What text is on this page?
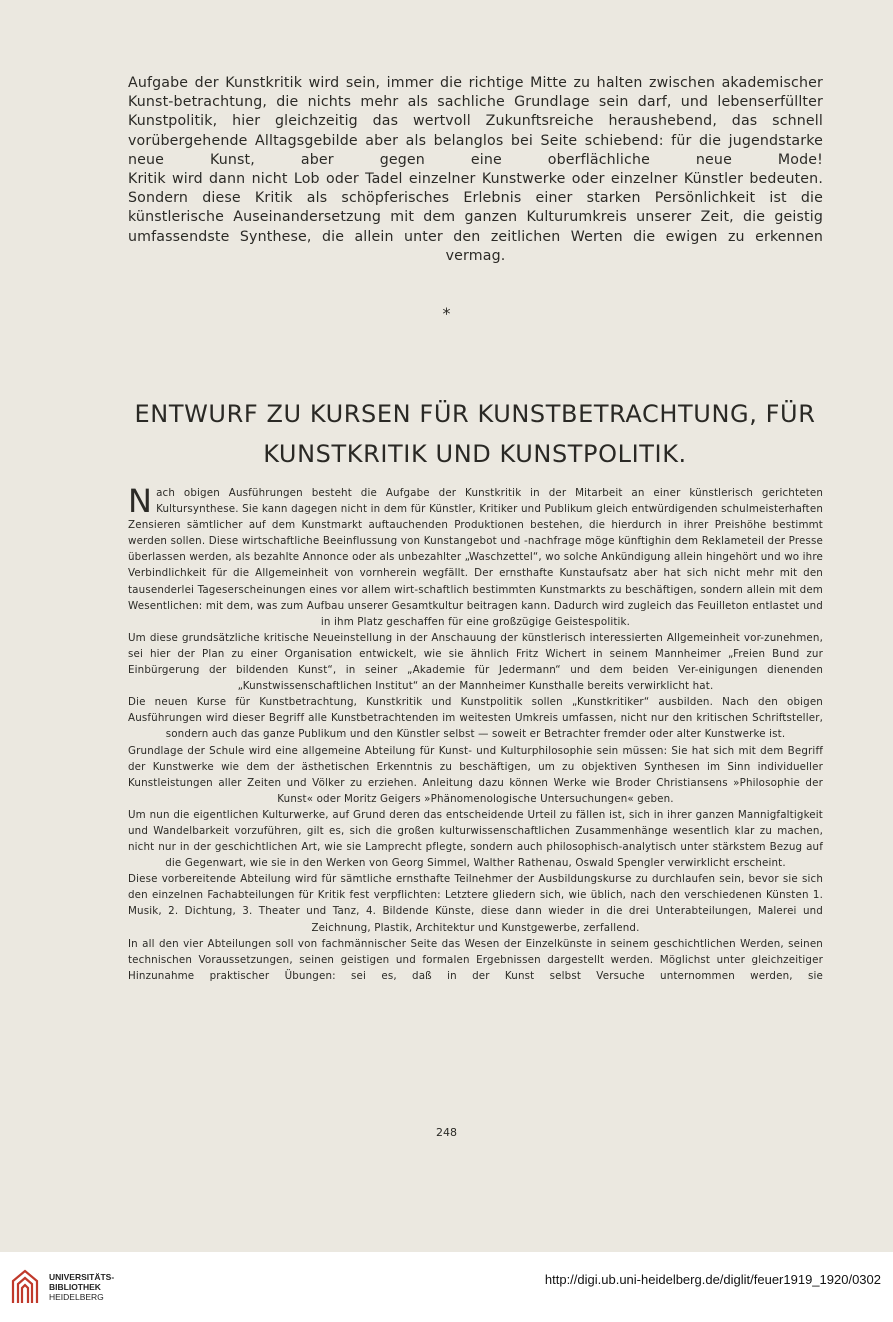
Aufgabe der Kunstkritik wird sein, immer die richtige Mitte zu halten zwischen akademischer Kunst-betrachtung, die nichts mehr als sachliche Grundlage sein darf, und lebenserfüllter Kunstpolitik, hier gleichzeitig das wertvoll Zukunftsreiche heraushebend, das schnell vorübergehende Alltagsgebilde aber als belanglos bei Seite schiebend: für die jugendstarke neue Kunst, aber gegen eine oberflächliche neue Mode!

Kritik wird dann nicht Lob oder Tadel einzelner Kunstwerke oder einzelner Künstler bedeuten. Sondern diese Kritik als schöpferisches Erlebnis einer starken Persönlichkeit ist die künstlerische Auseinandersetzung mit dem ganzen Kulturumkreis unserer Zeit, die geistig umfassendste Synthese, die allein unter den zeitlichen Werten die ewigen zu erkennen vermag.

*
ENTWURF ZU KURSEN FÜR KUNSTBETRACHTUNG, FÜR
KUNSTKRITIK UND KUNSTPOLITIK.

Nach obigen Ausführungen besteht die Aufgabe der Kunstkritik in der Mitarbeit an einer künstlerisch gerichteten Kultursynthese. Sie kann dagegen nicht in dem für Künstler, Kritiker und Publikum gleich entwürdigenden schulmeisterhaften Zensieren sämtlicher auf dem Kunstmarkt auftauchenden Produktionen bestehen, die hierdurch in ihrer Preishöhe bestimmt werden sollen. Diese wirtschaftliche Beeinflussung von Kunstangebot und -nachfrage möge künftighin dem Reklameteil der Presse überlassen werden, als bezahlte Annonce oder als unbezahlter „Waschzettel“, wo solche Ankündigung allein hingehört und wo ihre Verbindlichkeit für die Allgemeinheit von vornherein wegfällt. Der ernsthafte Kunstaufsatz aber hat sich nicht mehr mit den tausenderlei Tageserscheinungen eines vor allem wirt-schaftlich bestimmten Kunstmarkts zu beschäftigen, sondern allein mit dem Wesentlichen: mit dem, was zum Aufbau unserer Gesamtkultur beitragen kann. Dadurch wird zugleich das Feuilleton entlastet und in ihm Platz geschaffen für eine großzügige Geistespolitik.

Um diese grundsätzliche kritische Neueinstellung in der Anschauung der künstlerisch interessierten Allgemeinheit vor-zunehmen, sei hier der Plan zu einer Organisation entwickelt, wie sie ähnlich Fritz Wichert in seinem Mannheimer „Freien Bund zur Einbürgerung der bildenden Kunst“, in seiner „Akademie für Jedermann“ und dem beiden Ver-einigungen dienenden „Kunstwissenschaftlichen Institut“ an der Mannheimer Kunsthalle bereits verwirklicht hat.

Die neuen Kurse für Kunstbetrachtung, Kunstkritik und Kunstpolitik sollen „Kunstkritiker“ ausbilden. Nach den obigen Ausführungen wird dieser Begriff alle Kunstbetrachtenden im weitesten Umkreis umfassen, nicht nur den kritischen Schriftsteller, sondern auch das ganze Publikum und den Künstler selbst — soweit er Betrachter fremder oder alter Kunstwerke ist.

Grundlage der Schule wird eine allgemeine Abteilung für Kunst- und Kulturphilosophie sein müssen: Sie hat sich mit dem Begriff der Kunstwerke wie dem der ästhetischen Erkenntnis zu beschäftigen, um zu objektiven Synthesen im Sinn individueller Kunstleistungen aller Zeiten und Völker zu erziehen. Anleitung dazu können Werke wie Broder Christiansens »Philosophie der Kunst« oder Moritz Geigers »Phänomenologische Untersuchungen« geben.

Um nun die eigentlichen Kulturwerke, auf Grund deren das entscheidende Urteil zu fällen ist, sich in ihrer ganzen Mannigfaltigkeit und Wandelbarkeit vorzuführen, gilt es, sich die großen kulturwissenschaftlichen Zusammenhänge wesentlich klar zu machen, nicht nur in der geschichtlichen Art, wie sie Lamprecht pflegte, sondern auch philosophisch-analytisch unter stärkstem Bezug auf die Gegenwart, wie sie in den Werken von Georg Simmel, Walther Rathenau, Oswald Spengler verwirklicht erscheint.

Diese vorbereitende Abteilung wird für sämtliche ernsthafte Teilnehmer der Ausbildungskurse zu durchlaufen sein, bevor sie sich den einzelnen Fachabteilungen für Kritik fest verpflichten: Letztere gliedern sich, wie üblich, nach den verschiedenen Künsten 1. Musik, 2. Dichtung, 3. Theater und Tanz, 4. Bildende Künste, diese dann wieder in die drei Unterabteilungen, Malerei und Zeichnung, Plastik, Architektur und Kunstgewerbe, zerfallend.

In all den vier Abteilungen soll von fachmännischer Seite das Wesen der Einzelkünste in seinem geschichtlichen Werden, seinen technischen Voraussetzungen, seinen geistigen und formalen Ergebnissen dargestellt werden. Möglichst unter gleichzeitiger Hinzunahme praktischer Übungen: sei es, daß in der Kunst selbst Versuche unternommen werden, sie

248
UNIVERSITÄTS-
BIBLIOTHEK
HEIDELBERG
http://digi.ub.uni-heidelberg.de/diglit/feuer1919_1920/0302
